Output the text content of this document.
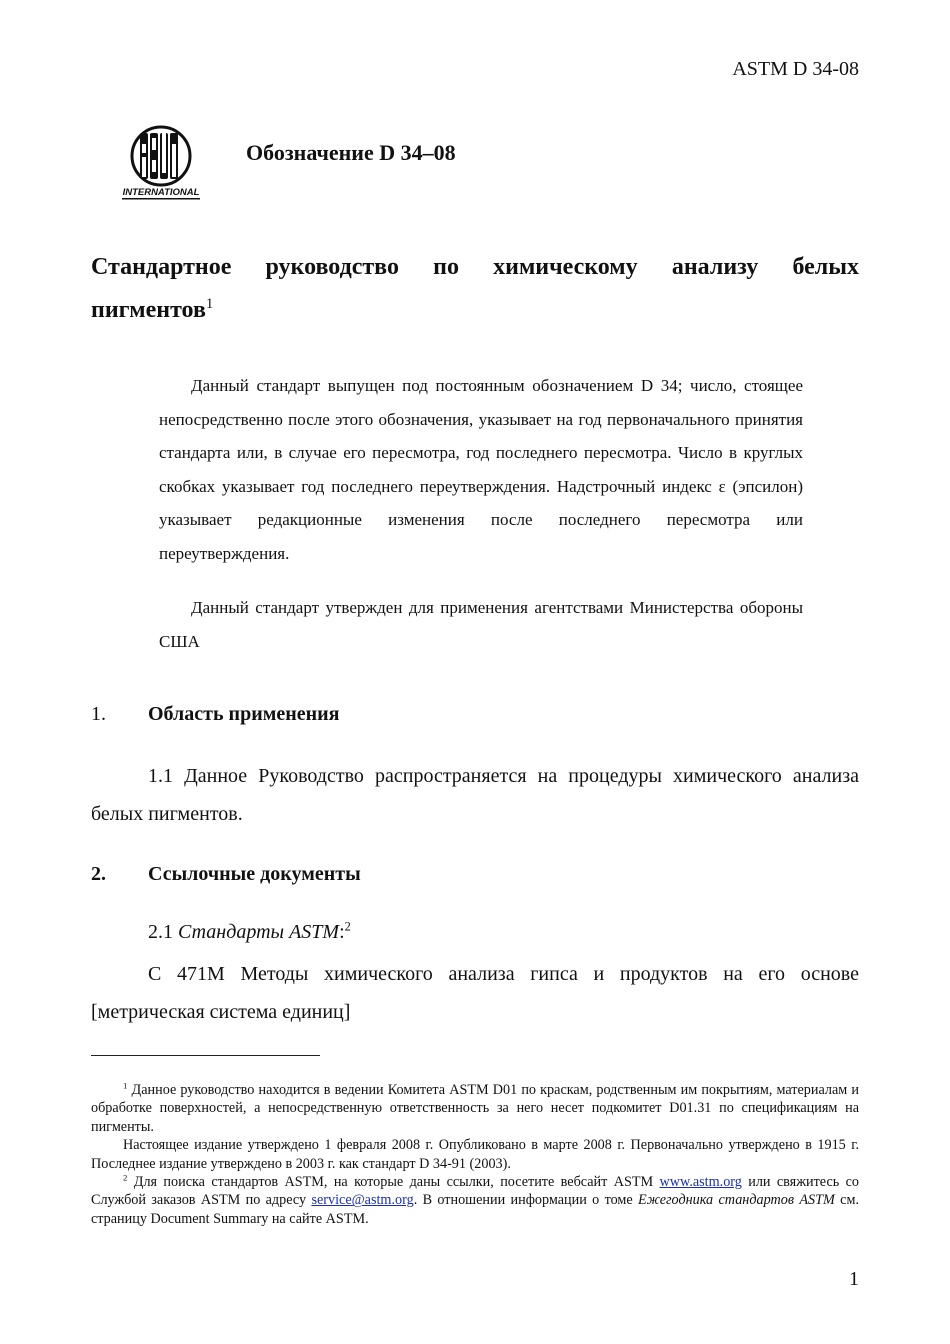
ASTM D 34-08
INTERNATIONAL
Обозначение D 34–08
Стандартное руководство по химическому анализу белых
пигментов$^1$
Данный стандарт выпущен под постоянным обозначением D 34; число, стоящее непосредственно после этого обозначения, указывает на год первоначального принятия стандарта или, в случае его пересмотра, год последнего пересмотра. Число в круглых скобках указывает год последнего переутверждения. Надстрочный индекс ε (эпсилон) указывает редакционные изменения после последнего пересмотра или переутверждения.
Данный стандарт утвержден для применения агентствами Министерства обороны США
1. Область применения
1.1 Данное Руководство распространяется на процедуры химического анализа белых пигментов.
2. Ссылочные документы
2.1 Стандарты ASTM:$^2$
С 471М Методы химического анализа гипса и продуктов на его основе [метрическая система единиц]

$^1$ Данное руководство находится в ведении Комитета ASTM D01 по краскам, родственным им покрытиям, материалам и обработке поверхностей, а непосредственную ответственность за него несет подкомитет D01.31 по спецификациям на пигменты.

Настоящее издание утверждено 1 февраля 2008 г. Опубликовано в марте 2008 г. Первоначально утверждено в 1915 г. Последнее издание утверждено в 2003 г. как стандарт D 34-91 (2003).

$^2$ Для поиска стандартов ASTM, на которые даны ссылки, посетите вебсайт ASTM www.astm.org или свяжитесь со Службой заказов ASTM по адресу service@astm.org. В отношении информации о томе Ежегодника стандартов ASTM см. страницу Document Summary на сайте ASTM.

1
